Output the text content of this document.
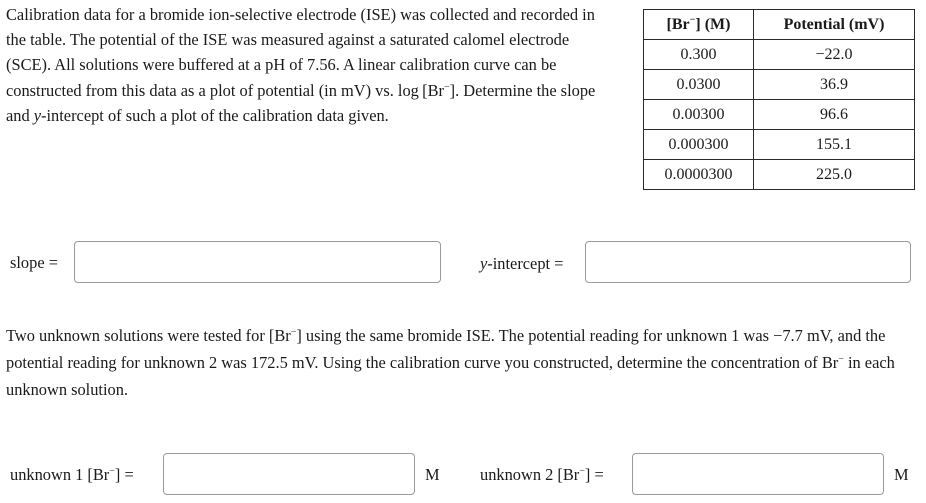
Calibration data for a bromide ion-selective electrode (ISE) was collected and recorded in the table. The potential of the ISE was measured against a saturated calomel electrode (SCE). All solutions were buffered at a pH of 7.56. A linear calibration curve can be constructed from this data as a plot of potential (in mV) vs. log [Br−]. Determine the slope and y-intercept of such a plot of the calibration data given.

[Br−] (M)	Potential (mV)
0.300	−22.0
0.0300	36.9
0.00300	96.6
0.000300	155.1
0.0000300	225.0
slope =	y-intercept =

Two unknown solutions were tested for [Br−] using the same bromide ISE. The potential reading for unknown 1 was −7.7 mV, and the potential reading for unknown 2 was 172.5 mV. Using the calibration curve you constructed, determine the concentration of Br− in each unknown solution.

unknown 1 [Br−] =	M unknown 2 [Br−] =	M
